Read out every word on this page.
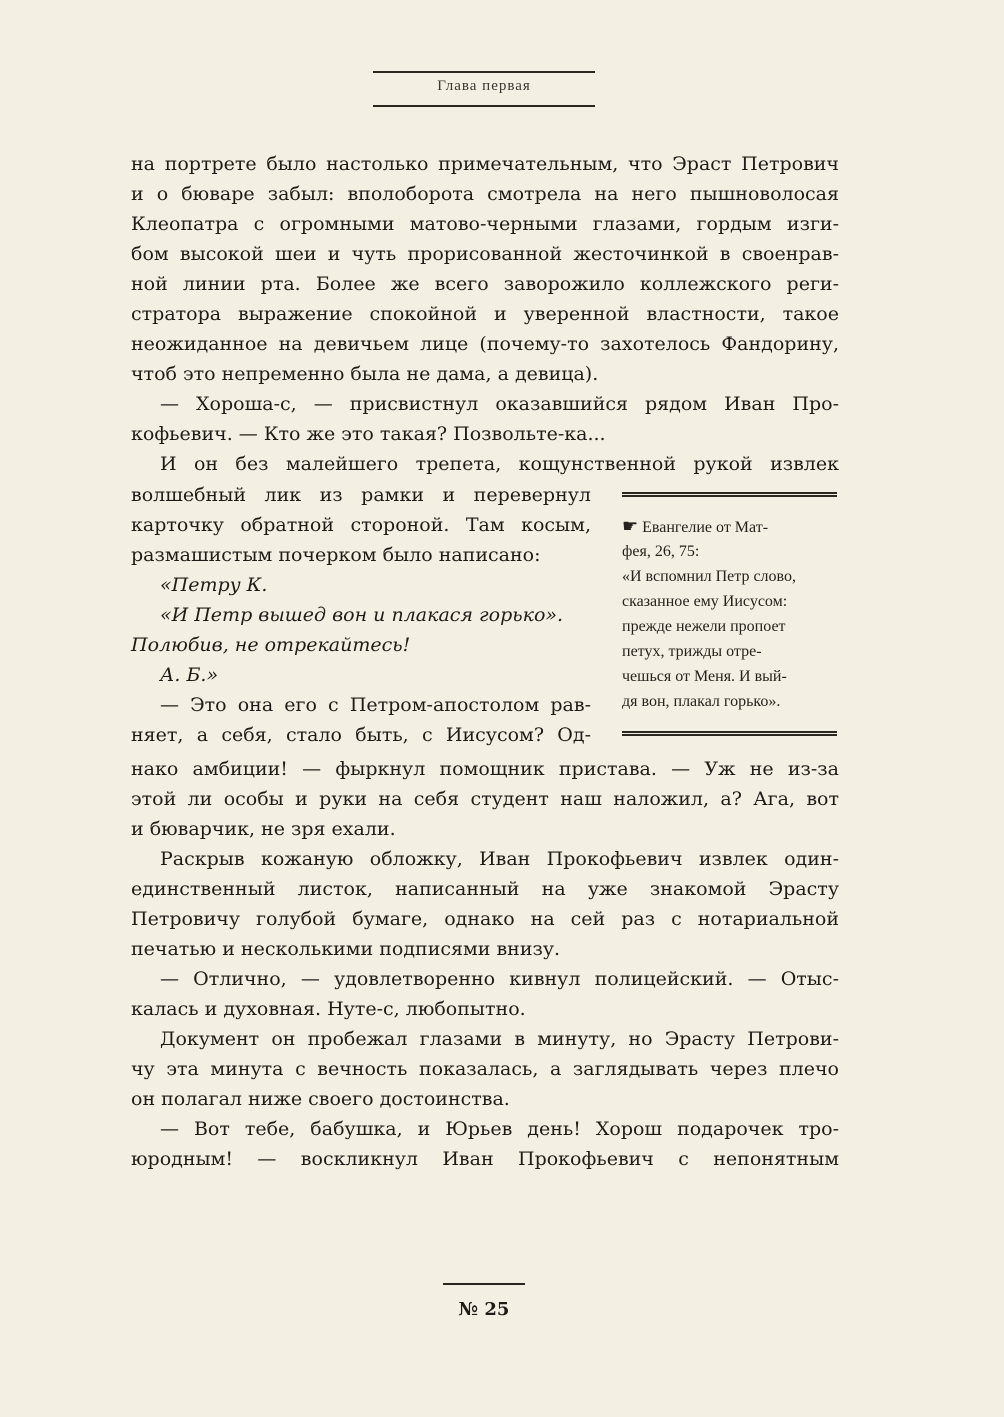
Глава первая
на портрете было настолько примечательным, что Эраст Петрович
и о бюваре забыл: вполоборота смотрела на него пышноволосая
Клеопатра с огромными матово-черными глазами, гордым изги-
бом высокой шеи и чуть прорисованной жесточинкой в своенрав-
ной линии рта. Более же всего заворожило коллежского реги-
стратора выражение спокойной и уверенной властности, такое
неожиданное на девичьем лице (почему-то захотелось Фандорину,
чтоб это непременно была не дама, а девица).
— Хороша-с, — присвистнул оказавшийся рядом Иван Про-
кофьевич. — Кто же это такая? Позвольте-ка...
И он без малейшего трепета, кощунственной рукой извлек
волшебный лик из рамки и перевернул
карточку обратной стороной. Там косым,
размашистым почерком было написано:
«Петру К.
«И Петр вышед вон и плакася горько».
Полюбив, не отрекайтесь!
А. Б.»
— Это она его с Петром-апостолом рав-
няет, а себя, стало быть, с Иисусом? Од-
нако амбиции! — фыркнул помощник пристава. — Уж не из-за
этой ли особы и руки на себя студент наш наложил, а? Ага, вот
и бюварчик, не зря ехали.
Раскрыв кожаную обложку, Иван Прокофьевич извлек один-
единственный листок, написанный на уже знакомой Эрасту
Петровичу голубой бумаге, однако на сей раз с нотариальной
печатью и несколькими подписями внизу.
— Отлично, — удовлетворенно кивнул полицейский. — Отыс-
калась и духовная. Нуте-с, любопытно.
Документ он пробежал глазами в минуту, но Эрасту Петрови-
чу эта минута с вечность показалась, а заглядывать через плечо
он полагал ниже своего достоинства.
— Вот тебе, бабушка, и Юрьев день! Хорош подарочек тро-
юродным! — воскликнул Иван Прокофьевич с непонятным
☛ Евангелие от Мат-
фея, 26, 75:
«И вспомнил Петр слово,
сказанное ему Иисусом:
прежде нежели пропоет
петух, трижды отре-
чешься от Меня. И вый-
дя вон, плакал горько».
№ 25
